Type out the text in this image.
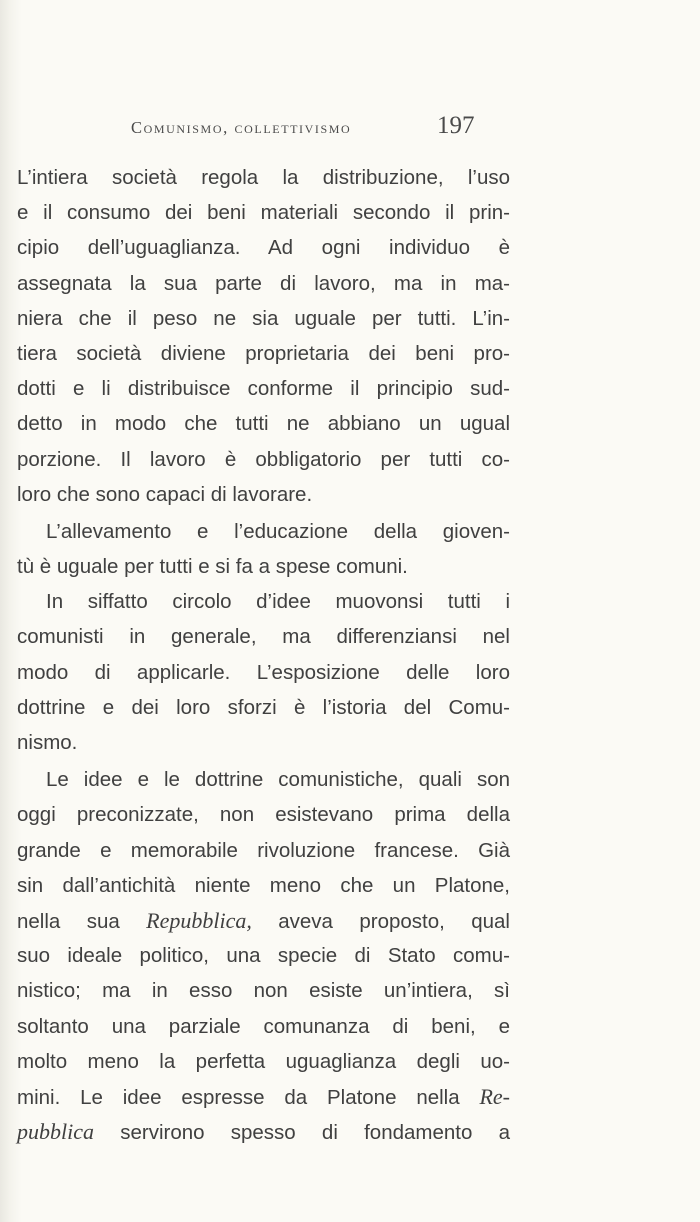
Comunismo, collettivismo	197
L’intiera società regola la distribuzione, l’uso
e il consumo dei beni materiali secondo il prin-
cipio dell’uguaglianza. Ad ogni individuo è
assegnata la sua parte di lavoro, ma in ma-
niera che il peso ne sia uguale per tutti. L’in-
tiera società diviene proprietaria dei beni pro-
dotti e li distribuisce conforme il principio sud-
detto in modo che tutti ne abbiano un ugual
porzione. Il lavoro è obbligatorio per tutti co-
loro che sono capaci di lavorare.
L’allevamento e l’educazione della gioven-
tù è uguale per tutti e si fa a spese comuni.
In siffatto circolo d’idee muovonsi tutti i
comunisti in generale, ma differenziansi nel
modo di applicarle. L’esposizione delle loro
dottrine e dei loro sforzi è l’istoria del Comu-
nismo.
Le idee e le dottrine comunistiche, quali son
oggi preconizzate, non esistevano prima della
grande e memorabile rivoluzione francese. Già
sin dall’antichità niente meno che un Platone,
nella sua Repubblica, aveva proposto, qual
suo ideale politico, una specie di Stato comu-
nistico; ma in esso non esiste un’intiera, sì
soltanto una parziale comunanza di beni, e
molto meno la perfetta uguaglianza degli uo-
mini. Le idee espresse da Platone nella Re-
pubblica servirono spesso di fondamento a
